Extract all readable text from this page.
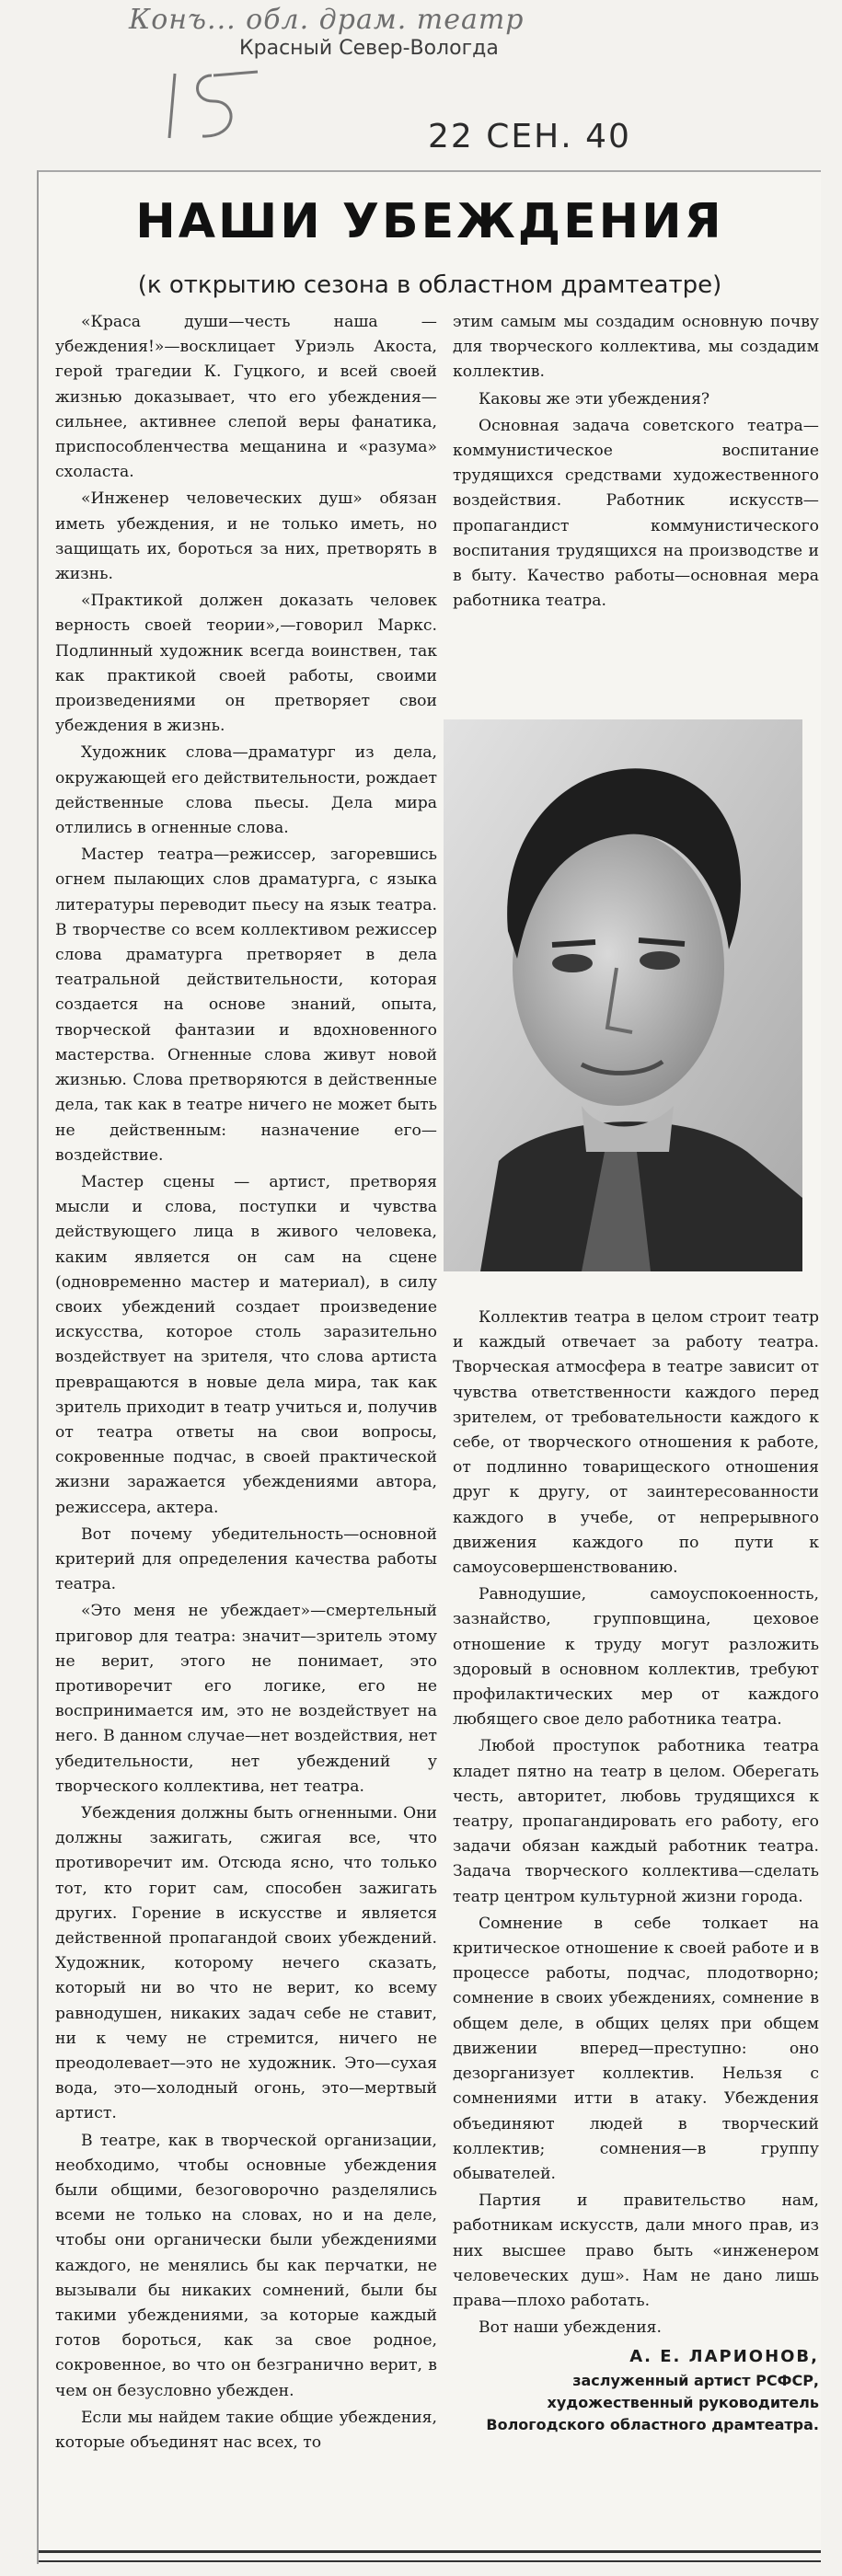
Конъ... обл. драм. театр
Красный Север-Вологда
22 СЕН. 40
НАШИ УБЕЖДЕНИЯ
(к открытию сезона в областном драмтеатре)

«Краса души—честь наша — убеждения!»—восклицает Уриэль Акоста, герой трагедии К. Гуцкого, и всей своей жизнью доказывает, что его убеждения—сильнее, активнее слепой веры фанатика, приспособленчества мещанина и «разума» схоласта.

«Инженер человеческих душ» обязан иметь убеждения, и не только иметь, но защищать их, бороться за них, претворять в жизнь.

«Практикой должен доказать человек верность своей теории»,—говорил Маркс. Подлинный художник всегда воинствен, так как практикой своей работы, своими произведениями он претворяет свои убеждения в жизнь.

Художник слова—драматург из дела, окружающей его действительности, рождает действенные слова пьесы. Дела мира отлились в огненные слова.

Мастер театра—режиссер, загоревшись огнем пылающих слов драматурга, с языка литературы переводит пьесу на язык театра. В творчестве со всем коллективом режиссер слова драматурга претворяет в дела театральной действительности, которая создается на основе знаний, опыта, творческой фантазии и вдохновенного мастерства. Огненные слова живут новой жизнью. Слова претворяются в действенные дела, так как в театре ничего не может быть не действенным: назначение его—воздействие.

Мастер сцены — артист, претворяя мысли и слова, поступки и чувства действующего лица в живого человека, каким является он сам на сцене (одновременно мастер и материал), в силу своих убеждений создает произведение искусства, которое столь заразительно воздействует на зрителя, что слова артиста превращаются в новые дела мира, так как зритель приходит в театр учиться и, получив от театра ответы на свои вопросы, сокровенные подчас, в своей практической жизни заражается убеждениями автора, режиссера, актера.

Вот почему убедительность—основной критерий для определения качества работы театра.

«Это меня не убеждает»—смертельный приговор для театра: значит—зритель этому не верит, этого не понимает, это противоречит его логике, его не воспринимается им, это не воздействует на него. В данном случае—нет воздействия, нет убедительности, нет убеждений у творческого коллектива, нет театра.

Убеждения должны быть огненными. Они должны зажигать, сжигая все, что противоречит им. Отсюда ясно, что только тот, кто горит сам, способен зажигать других. Горение в искусстве и является действенной пропагандой своих убеждений. Художник, которому нечего сказать, который ни во что не верит, ко всему равнодушен, никаких задач себе не ставит, ни к чему не стремится, ничего не преодолевает—это не художник. Это—сухая вода, это—холодный огонь, это—мертвый артист.

В театре, как в творческой организации, необходимо, чтобы основные убеждения были общими, безоговорочно разделялись всеми не только на словах, но и на деле, чтобы они органически были убеждениями каждого, не менялись бы как перчатки, не вызывали бы никаких сомнений, были бы такими убеждениями, за которые каждый готов бороться, как за свое родное, сокровенное, во что он безгранично верит, в чем он безусловно убежден.

Если мы найдем такие общие убеждения, которые объединят нас всех, то

этим самым мы создадим основную почву для творческого коллектива, мы создадим коллектив.

Каковы же эти убеждения?

Основная задача советского театра—коммунистическое воспитание трудящихся средствами художественного воздействия. Работник искусств—пропагандист коммунистического воспитания трудящихся на производстве и в быту. Качество работы—основная мера работника театра.

Коллектив театра в целом строит театр и каждый отвечает за работу театра. Творческая атмосфера в театре зависит от чувства ответственности каждого перед зрителем, от требовательности каждого к себе, от творческого отношения к работе, от подлинно товарищеского отношения друг к другу, от заинтересованности каждого в учебе, от непрерывного движения каждого по пути к самоусовершенствованию.

Равнодушие, самоуспокоенность, зазнайство, групповщина, цеховое отношение к труду могут разложить здоровый в основном коллектив, требуют профилактических мер от каждого любящего свое дело работника театра.

Любой проступок работника театра кладет пятно на театр в целом. Оберегать честь, авторитет, любовь трудящихся к театру, пропагандировать его работу, его задачи обязан каждый работник театра. Задача творческого коллектива—сделать театр центром культурной жизни города.

Сомнение в себе толкает на критическое отношение к своей работе и в процессе работы, подчас, плодотворно; сомнение в своих убеждениях, сомнение в общем деле, в общих целях при общем движении вперед—преступно: оно дезорганизует коллектив. Нельзя с сомнениями итти в атаку. Убеждения объединяют людей в творческий коллектив; сомнения—в группу обывателей.

Партия и правительство нам, работникам искусств, дали много прав, из них высшее право быть «инженером человеческих душ». Нам не дано лишь права—плохо работать.

Вот наши убеждения.

А. Е. ЛАРИОНОВ,
заслуженный артист РСФСР, художественный руководитель Вологодского областного драмтеатра.
